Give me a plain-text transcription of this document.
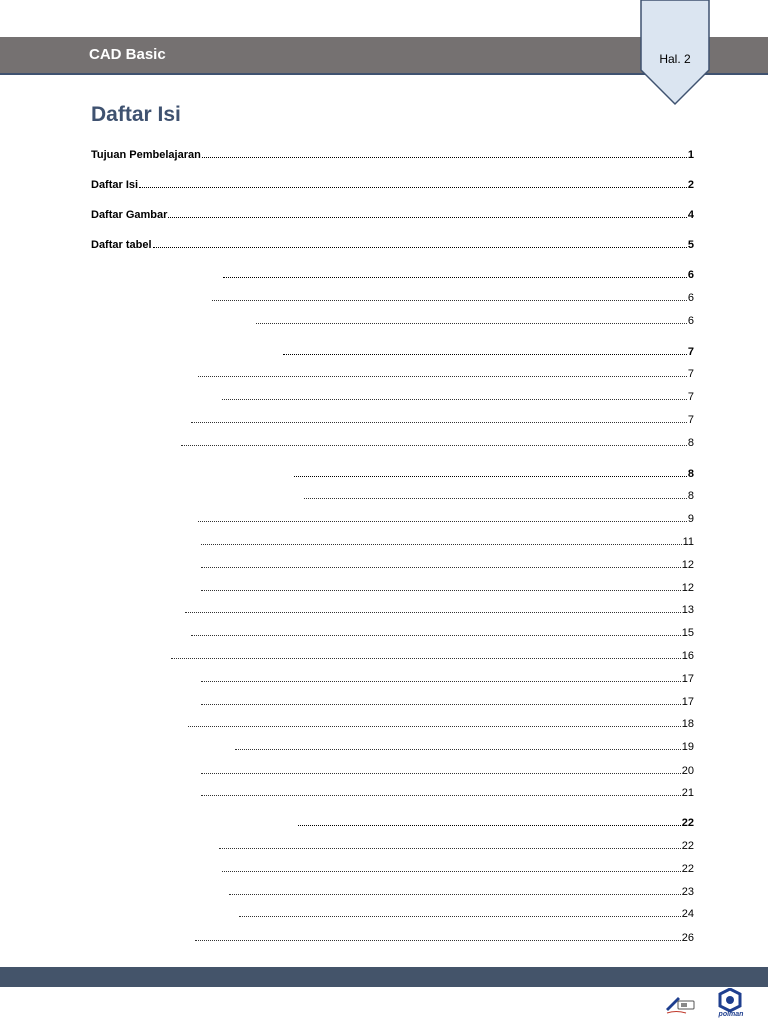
CAD Basic	Hal. 2
Daftar Isi
Tujuan Pembelajaran	1
Daftar Isi	2
Daftar Gambar	4
Daftar tabel	5
6
6
6
7
7
7
7
8
8
8
9
11
12
12
13
15
16
17
17
18
19
20
21
22
22
22
23
24
26
polman
